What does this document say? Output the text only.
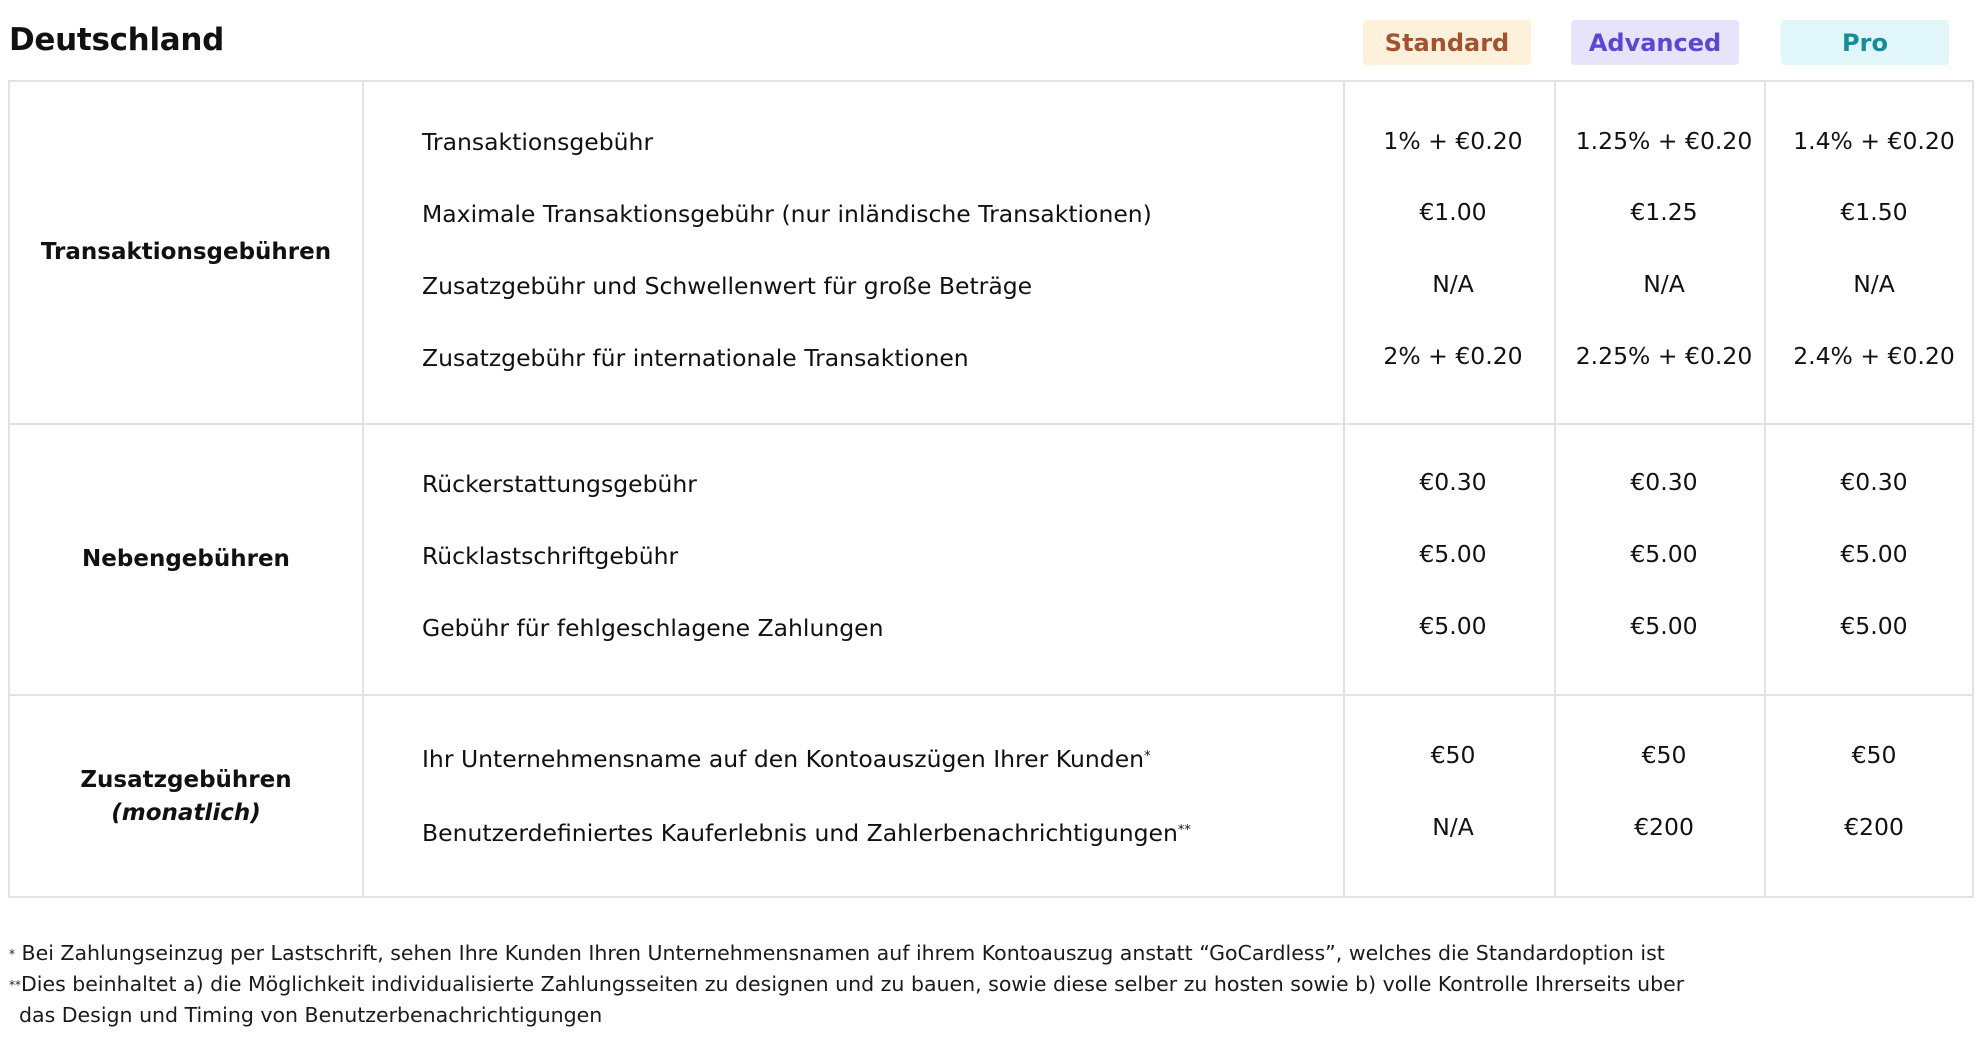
Deutschland	Standard	Advanced	Pro
Transaktionsgebühren
Transaktionsgebühr	1% + €0.20	1.25% + €0.20	1.4% + €0.20
Maximale Transaktionsgebühr (nur inländische Transaktionen)	€1.00	€1.25	€1.50
Zusatzgebühr und Schwellenwert für große Beträge	N/A	N/A	N/A
Zusatzgebühr für internationale Transaktionen	2% + €0.20	2.25% + €0.20	2.4% + €0.20
Nebengebühren
Rückerstattungsgebühr	€0.30	€0.30	€0.30
Rücklastschriftgebühr	€5.00	€5.00	€5.00
Gebühr für fehlgeschlagene Zahlungen	€5.00	€5.00	€5.00
Zusatzgebühren
(monatlich)
Ihr Unternehmensname auf den Kontoauszügen Ihrer Kunden*	€50	€50	€50
Benutzerdefiniertes Kauferlebnis und Zahlerbenachrichtigungen**	N/A	€200	€200
* Bei Zahlungseinzug per Lastschrift, sehen Ihre Kunden Ihren Unternehmensnamen auf ihrem Kontoauszug anstatt “GoCardless”, welches die Standardoption ist
**Dies beinhaltet a) die Möglichkeit individualisierte Zahlungsseiten zu designen und zu bauen, sowie diese selber zu hosten sowie b) volle Kontrolle Ihrerseits uber
das Design und Timing von Benutzerbenachrichtigungen
